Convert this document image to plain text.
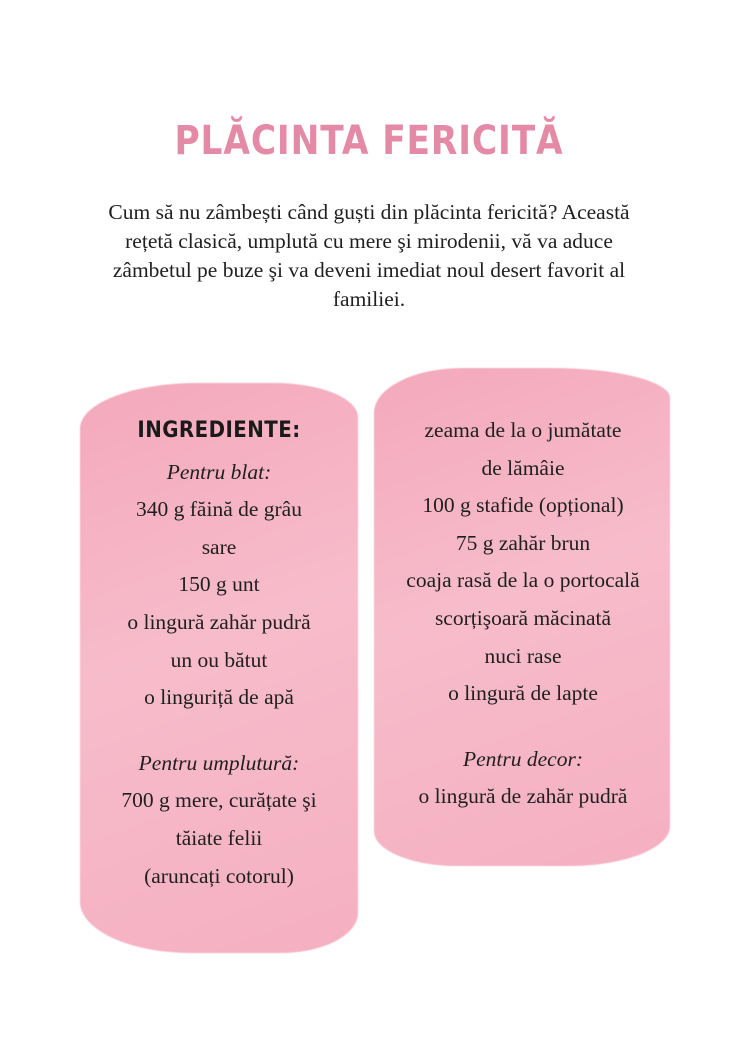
PLĂCINTA FERICITĂ

Cum să nu zâmbești când guști din plăcinta fericită? Această rețetă clasică, umplută cu mere şi mirodenii, vă va aduce zâmbetul pe buze şi va deveni imediat noul desert favorit al familiei.

INGREDIENTE:

Pentru blat:

340 g făină de grâu

sare

150 g unt

o lingură zahăr pudră

un ou bătut

o linguriță de apă

Pentru umplutură:

700 g mere, curățate şi

tăiate felii

(aruncați cotorul)

zeama de la o jumătate

de lămâie

100 g stafide (opțional)

75 g zahăr brun

coaja rasă de la o portocală

scorțişoară măcinată

nuci rase

o lingură de lapte

Pentru decor:

o lingură de zahăr pudră
